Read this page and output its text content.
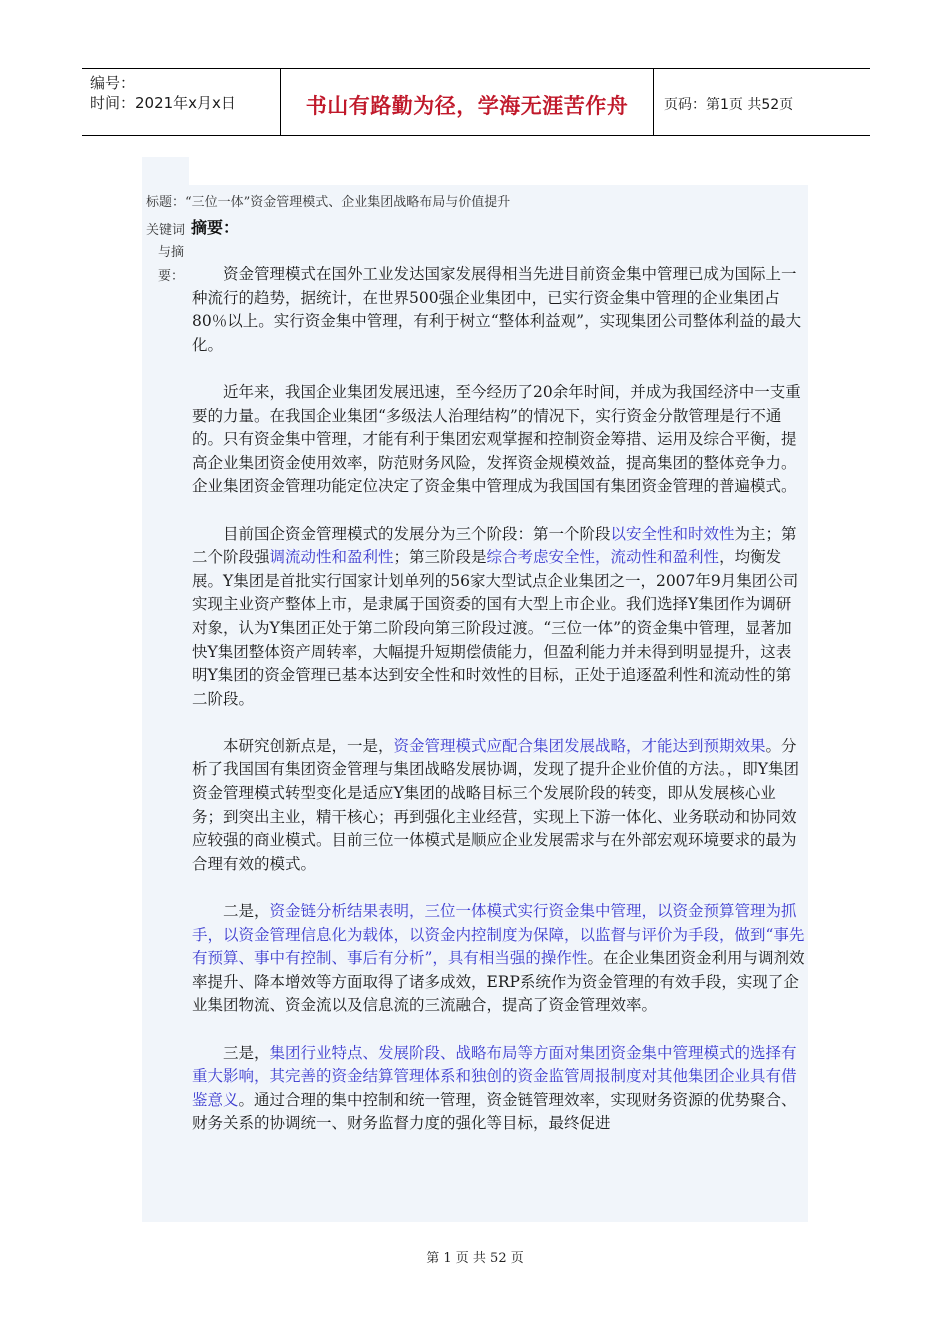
编号：
时间：2021年x月x日	书山有路勤为径，学海无涯苦作舟	页码：第1页 共52页
标题：“三位一体”资金管理模式、企业集团战略布局与价值提升
关键词 摘要：
与摘要：	资金管理模式在国外工业发达国家发展得相当先进目前资金集中管理已成为国际上一种流行的趋势，据统计，在世界500强企业集团中，已实行资金集中管理的企业集团占80％以上。实行资金集中管理，有利于树立“整体利益观”，实现集团公司整体利益的最大化。

近年来，我国企业集团发展迅速，至今经历了20余年时间，并成为我国经济中一支重要的力量。在我国企业集团“多级法人治理结构”的情况下，实行资金分散管理是行不通的。只有资金集中管理，才能有利于集团宏观掌握和控制资金筹措、运用及综合平衡，提高企业集团资金使用效率，防范财务风险，发挥资金规模效益，提高集团的整体竞争力。企业集团资金管理功能定位决定了资金集中管理成为我国国有集团资金管理的普遍模式。

目前国企资金管理模式的发展分为三个阶段：第一个阶段以安全性和时效性为主；第二个阶段强调流动性和盈利性；第三阶段是综合考虑安全性，流动性和盈利性，均衡发展。Y集团是首批实行国家计划单列的56家大型试点企业集团之一，2007年9月集团公司实现主业资产整体上市，是隶属于国资委的国有大型上市企业。我们选择Y集团作为调研对象，认为Y集团正处于第二阶段向第三阶段过渡。“三位一体”的资金集中管理，显著加快Y集团整体资产周转率，大幅提升短期偿债能力，但盈利能力并未得到明显提升，这表明Y集团的资金管理已基本达到安全性和时效性的目标，正处于追逐盈利性和流动性的第二阶段。

本研究创新点是，一是，资金管理模式应配合集团发展战略，才能达到预期效果。分析了我国国有集团资金管理与集团战略发展协调，发现了提升企业价值的方法。，即Y集团资金管理模式转型变化是适应Y集团的战略目标三个发展阶段的转变，即从发展核心业务；到突出主业，精干核心；再到强化主业经营，实现上下游一体化、业务联动和协同效应较强的商业模式。目前三位一体模式是顺应企业发展需求与在外部宏观环境要求的最为合理有效的模式。

二是，资金链分析结果表明，三位一体模式实行资金集中管理，以资金预算管理为抓手，以资金管理信息化为载体，以资金内控制度为保障，以监督与评价为手段，做到“事先有预算、事中有控制、事后有分析”，具有相当强的操作性。在企业集团资金利用与调剂效率提升、降本增效等方面取得了诸多成效，ERP系统作为资金管理的有效手段，实现了企业集团物流、资金流以及信息流的三流融合，提高了资金管理效率。

三是，集团行业特点、发展阶段、战略布局等方面对集团资金集中管理模式的选择有重大影响，其完善的资金结算管理体系和独创的资金监管周报制度对其他集团企业具有借鉴意义。通过合理的集中控制和统一管理，资金链管理效率，实现财务资源的优势聚合、财务关系的协调统一、财务监督力度的强化等目标，最终促进

第 1 页 共 52 页
